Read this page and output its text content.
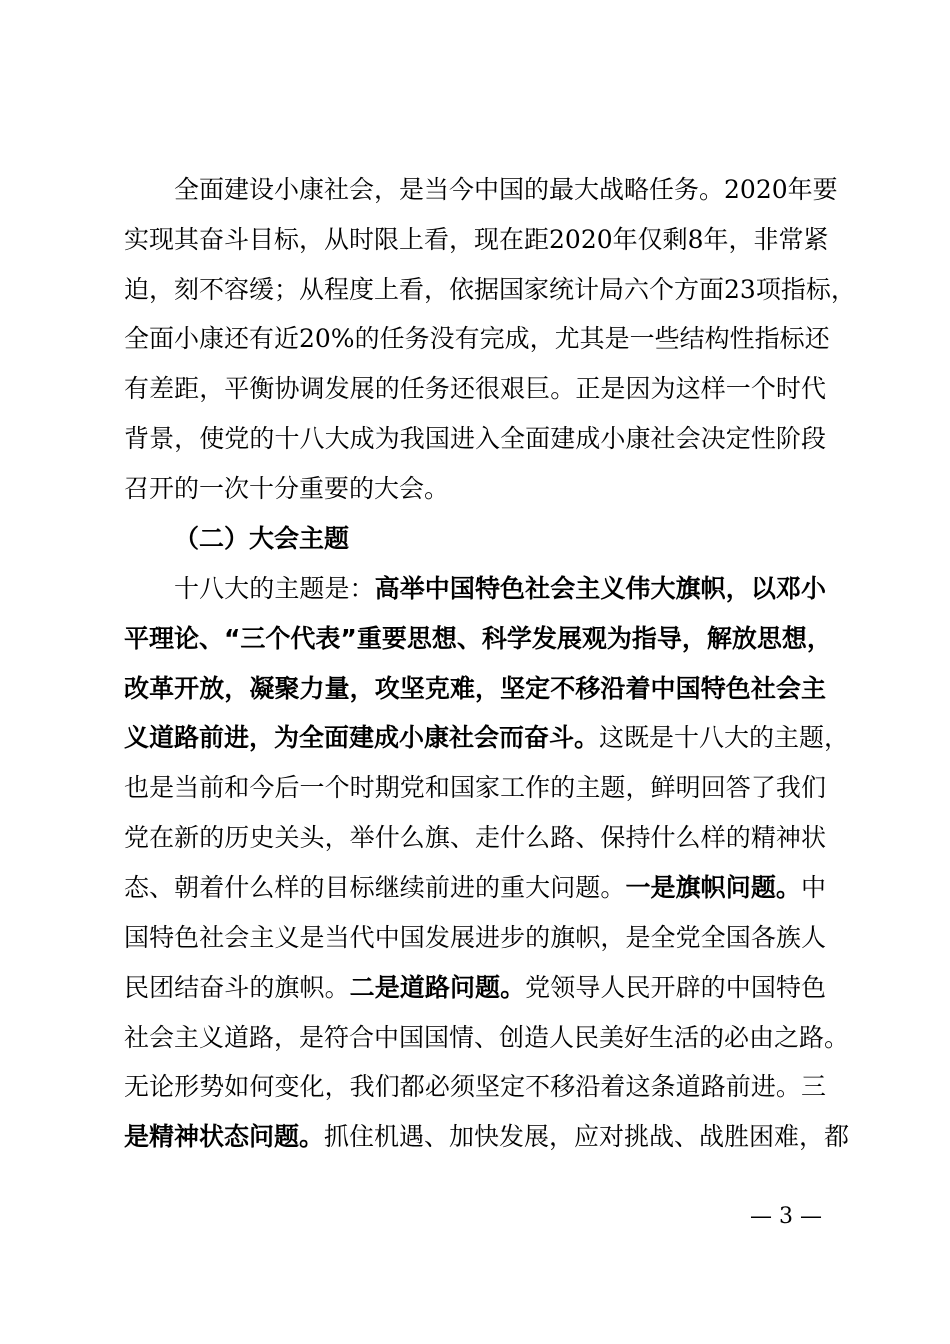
全面建设小康社会，是当今中国的最大战略任务。2020年要
实现其奋斗目标，从时限上看，现在距2020年仅剩8年，非常紧
迫，刻不容缓；从程度上看，依据国家统计局六个方面23项指标，
全面小康还有近20%的任务没有完成，尤其是一些结构性指标还
有差距，平衡协调发展的任务还很艰巨。正是因为这样一个时代
背景，使党的十八大成为我国进入全面建成小康社会决定性阶段
召开的一次十分重要的大会。
（二）大会主题
十八大的主题是：高举中国特色社会主义伟大旗帜，以邓小
平理论、“三个代表”重要思想、科学发展观为指导，解放思想，
改革开放，凝聚力量，攻坚克难，坚定不移沿着中国特色社会主
义道路前进，为全面建成小康社会而奋斗。这既是十八大的主题，
也是当前和今后一个时期党和国家工作的主题，鲜明回答了我们
党在新的历史关头，举什么旗、走什么路、保持什么样的精神状
态、朝着什么样的目标继续前进的重大问题。一是旗帜问题。中
国特色社会主义是当代中国发展进步的旗帜，是全党全国各族人
民团结奋斗的旗帜。二是道路问题。党领导人民开辟的中国特色
社会主义道路，是符合中国国情、创造人民美好生活的必由之路。
无论形势如何变化，我们都必须坚定不移沿着这条道路前进。三
是精神状态问题。抓住机遇、加快发展，应对挑战、战胜困难，都
— 3 —
